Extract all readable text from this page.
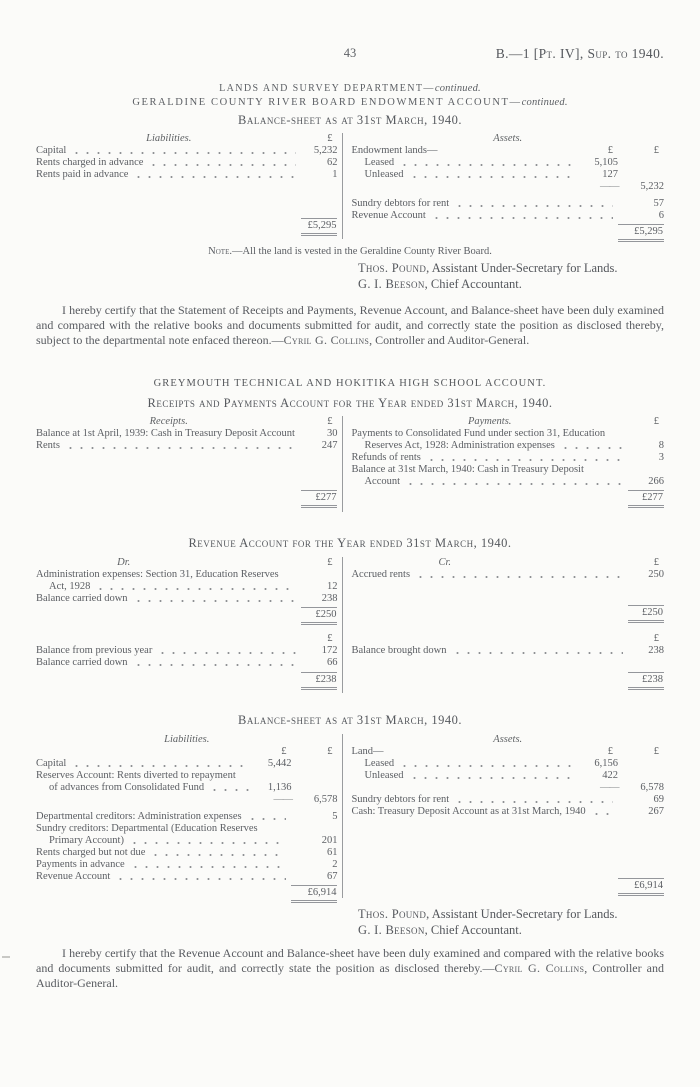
43	B.—1 [Pt. IV], Sup. to 1940.
LANDS AND SURVEY DEPARTMENT—continued.
GERALDINE COUNTY RIVER BOARD ENDOWMENT ACCOUNT—continued.
Balance-sheet as at 31st March, 1940.
Liabilities.	£
Capital	5,232
Rents charged in advance	62
Rents paid in advance	1
£5,295
Assets.
Endowment lands—	£	£
Leased	5,105
Unleased	127
——	5,232
Sundry debtors for rent	57
Revenue Account	6
£5,295
Note.—All the land is vested in the Geraldine County River Board.
Thos. Pound, Assistant Under-Secretary for Lands.
G. I. Beeson, Chief Accountant.

I hereby certify that the Statement of Receipts and Payments, Revenue Account, and Balance-sheet have been duly examined and compared with the relative books and documents submitted for audit, and correctly state the position as disclosed thereby, subject to the departmental note enfaced thereon.—Cyril G. Collins, Controller and Auditor-General.

GREYMOUTH TECHNICAL AND HOKITIKA HIGH SCHOOL ACCOUNT.
Receipts and Payments Account for the Year ended 31st March, 1940.
Receipts.	£
Balance at 1st April, 1939: Cash in Treasury Deposit Account	30
Rents	247
£277
Payments.	£
Payments to Consolidated Fund under section 31, Education
Reserves Act, 1928: Administration expenses	8
Refunds of rents	3
Balance at 31st March, 1940: Cash in Treasury Deposit
Account	266
£277
Revenue Account for the Year ended 31st March, 1940.
Dr.	£
Administration expenses: Section 31, Education Reserves
Act, 1928	12
Balance carried down	238
£250
Cr.	£
Accrued rents	250
£250
£
Balance from previous year	172
Balance carried down	66
£238
£
Balance brought down	238
£238
Balance-sheet as at 31st March, 1940.
Liabilities.
£	£
Capital	5,442
Reserves Account: Rents diverted to repayment
of advances from Consolidated Fund	1,136
——	6,578
Departmental creditors: Administration expenses	5
Sundry creditors: Departmental (Education Reserves
Primary Account)	201
Rents charged but not due	61
Payments in advance	2
Revenue Account	67
£6,914
Assets.
Land—	£	£
Leased	6,156
Unleased	422
——	6,578
Sundry debtors for rent	69
Cash: Treasury Deposit Account as at 31st March, 1940	267
£6,914
Thos. Pound, Assistant Under-Secretary for Lands.
G. I. Beeson, Chief Accountant.

I hereby certify that the Revenue Account and Balance-sheet have been duly examined and compared with the relative books and documents submitted for audit, and correctly state the position as disclosed thereby.—Cyril G. Collins, Controller and Auditor-General.
